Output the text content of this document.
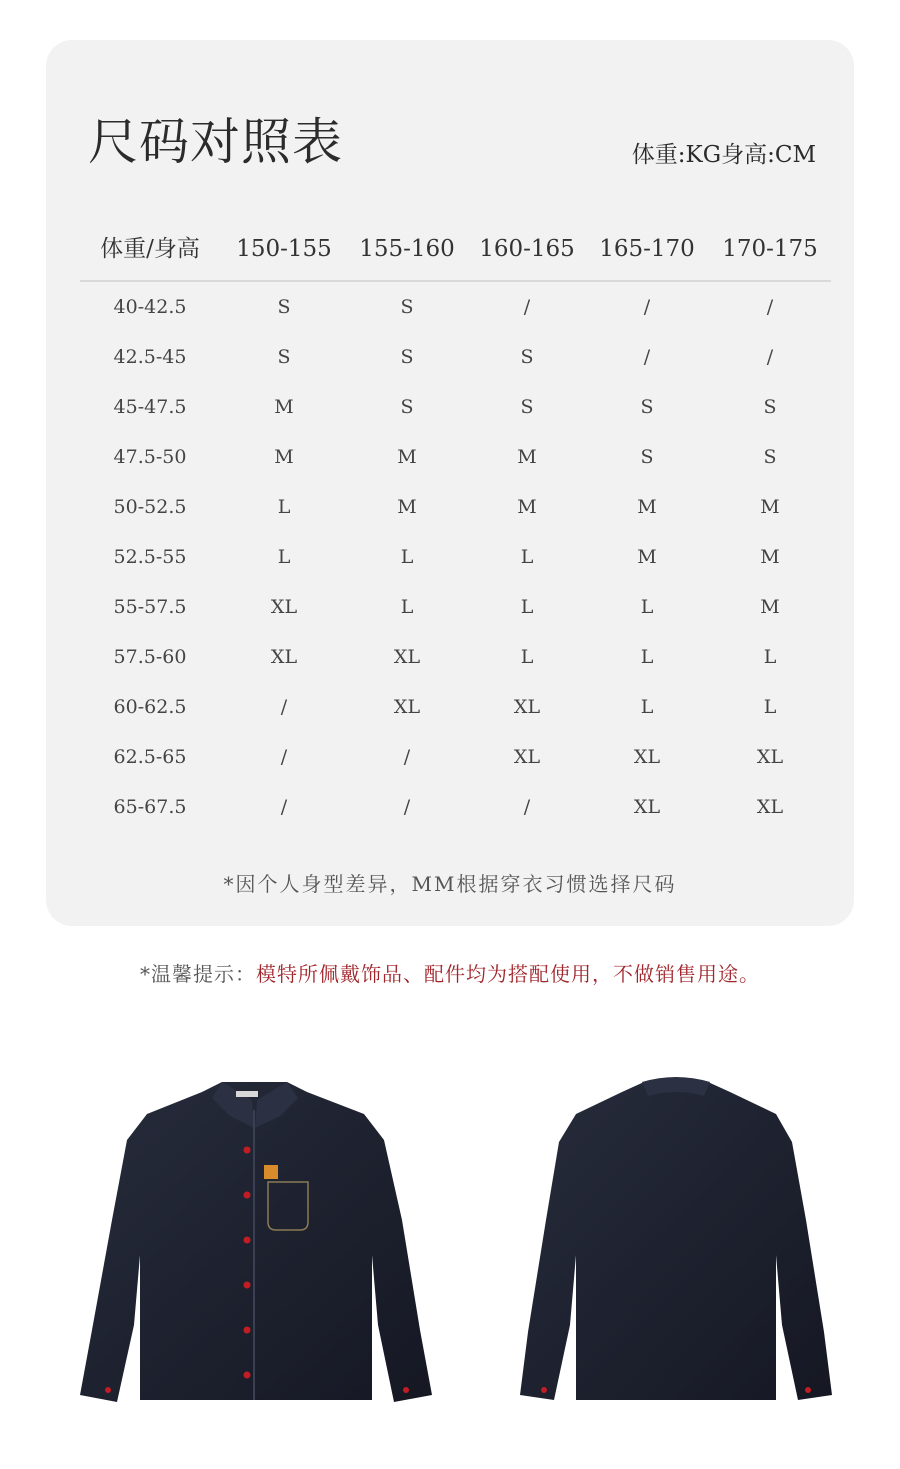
尺码对照表	体重:KG身高:CM
体重/身高 150-155 155-160 160-165 165-170 170-175
40-42.5	S	S	/	/	/
42.5-45	S	S	S	/	/
45-47.5	M	S	S	S	S
47.5-50	M	M	M	S	S
50-52.5	L	M	M	M	M
52.5-55	L	L	L	M	M
55-57.5	XL	L	L	L	M
57.5-60	XL	XL	L	L	L
60-62.5	/	XL	XL	L	L
62.5-65	/	/	XL	XL	XL
65-67.5	/	/	/	XL	XL
*因个人身型差异，MM根据穿衣习惯选择尺码
*温馨提示：模特所佩戴饰品、配件均为搭配使用，不做销售用途。
